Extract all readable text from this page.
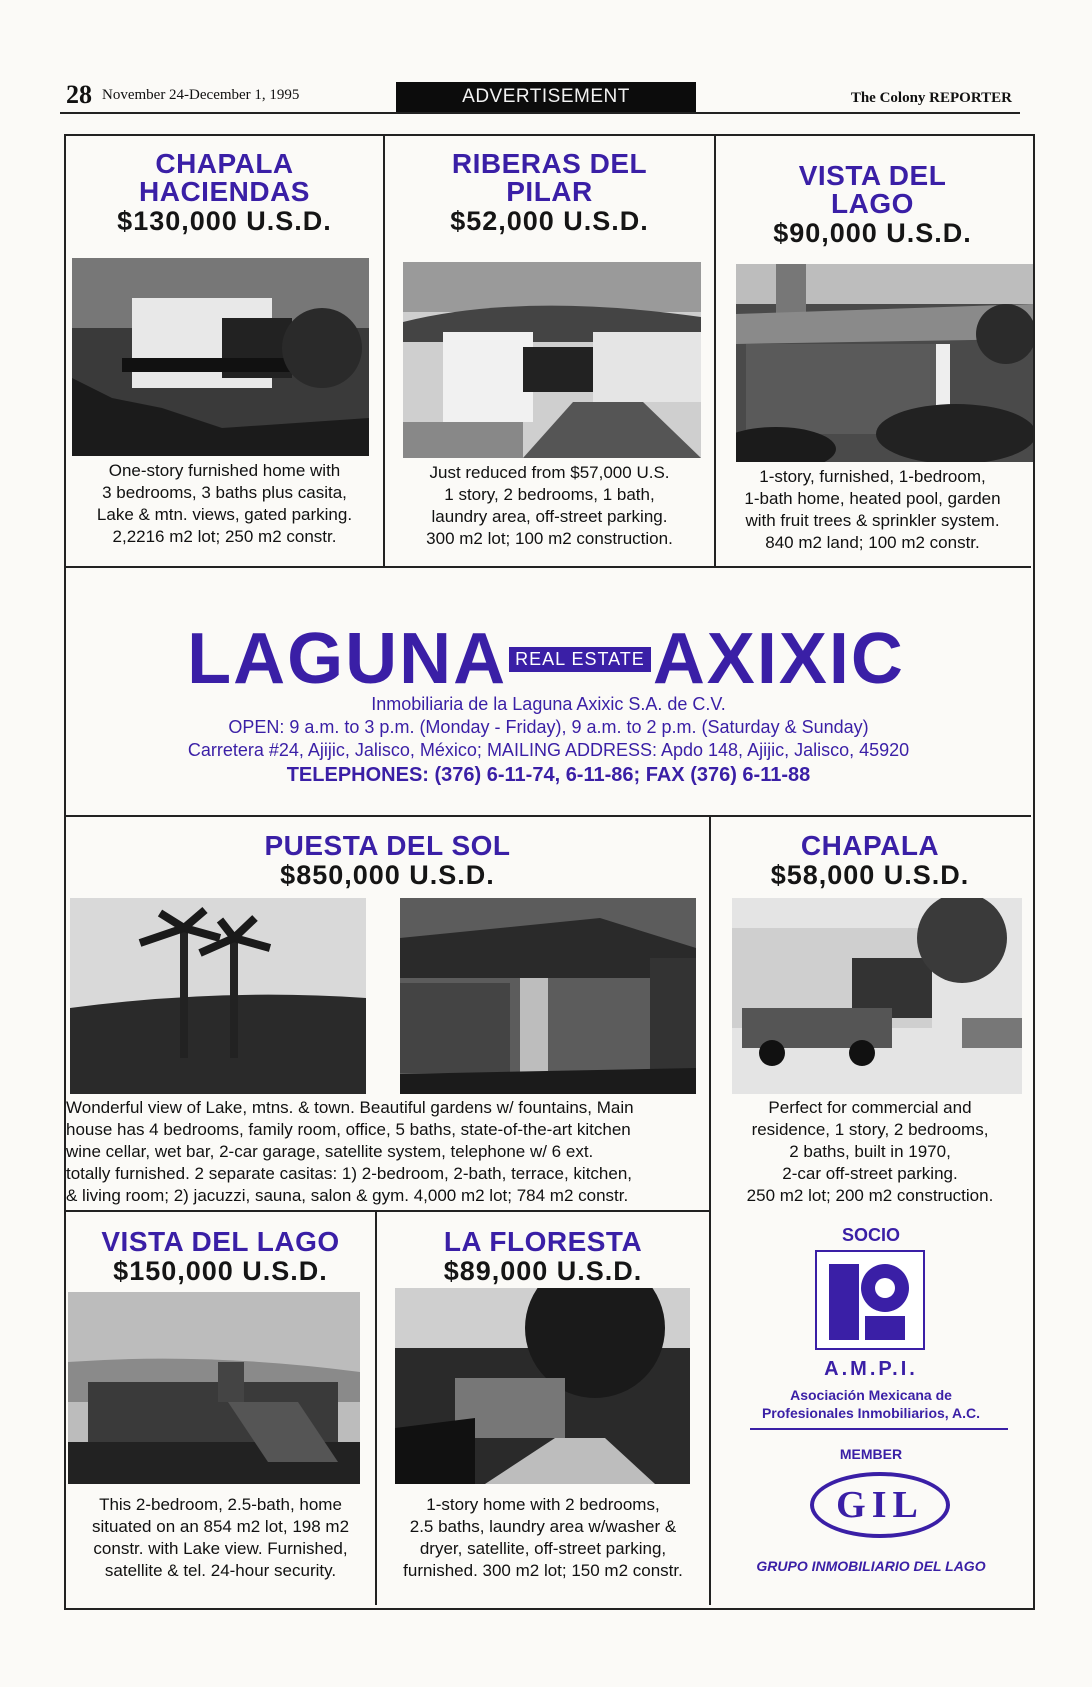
28 November 24-December 1, 1995	ADVERTISEMENT	The Colony REPORTER
CHAPALA
HACIENDAS
$130,000 U.S.D.
One-story furnished home with
3 bedrooms, 3 baths plus casita,
Lake & mtn. views, gated parking.
2,2216 m2 lot; 250 m2 constr.
RIBERAS DEL
PILAR
$52,000 U.S.D.
Just reduced from $57,000 U.S.
1 story, 2 bedrooms, 1 bath,
laundry area, off-street parking.
300 m2 lot; 100 m2 construction.
VISTA DEL
LAGO
$90,000 U.S.D.
1-story, furnished, 1-bedroom,
1-bath home, heated pool, garden
with fruit trees & sprinkler system.
840 m2 land; 100 m2 constr.
LAGUNA REAL ESTATE AXIXIC
Inmobiliaria de la Laguna Axixic S.A. de C.V.
OPEN: 9 a.m. to 3 p.m. (Monday - Friday), 9 a.m. to 2 p.m. (Saturday & Sunday)
Carretera #24, Ajijic, Jalisco, México; MAILING ADDRESS: Apdo 148, Ajijic, Jalisco, 45920
TELEPHONES: (376) 6-11-74, 6-11-86; FAX (376) 6-11-88
PUESTA DEL SOL
$850,000 U.S.D.
Wonderful view of Lake, mtns. & town. Beautiful gardens w/ fountains, Main
house has 4 bedrooms, family room, office, 5 baths, state-of-the-art kitchen
wine cellar, wet bar, 2-car garage, satellite system, telephone w/ 6 ext.
totally furnished. 2 separate casitas: 1) 2-bedroom, 2-bath, terrace, kitchen,
& living room; 2) jacuzzi, sauna, salon & gym. 4,000 m2 lot; 784 m2 constr.
CHAPALA
$58,000 U.S.D.
Perfect for commercial and
residence, 1 story, 2 bedrooms,
2 baths, built in 1970,
2-car off-street parking.
250 m2 lot; 200 m2 construction.
VISTA DEL LAGO
$150,000 U.S.D.
This 2-bedroom, 2.5-bath, home
situated on an 854 m2 lot, 198 m2
constr. with Lake view. Furnished,
satellite & tel. 24-hour security.
LA FLORESTA
$89,000 U.S.D.
1-story home with 2 bedrooms,
2.5 baths, laundry area w/washer &
dryer, satellite, off-street parking,
furnished. 300 m2 lot; 150 m2 constr.
SOCIO
A.M.P.I.
Asociación Mexicana de
Profesionales Inmobiliarios, A.C.
MEMBER
GIL
GRUPO INMOBILIARIO DEL LAGO
